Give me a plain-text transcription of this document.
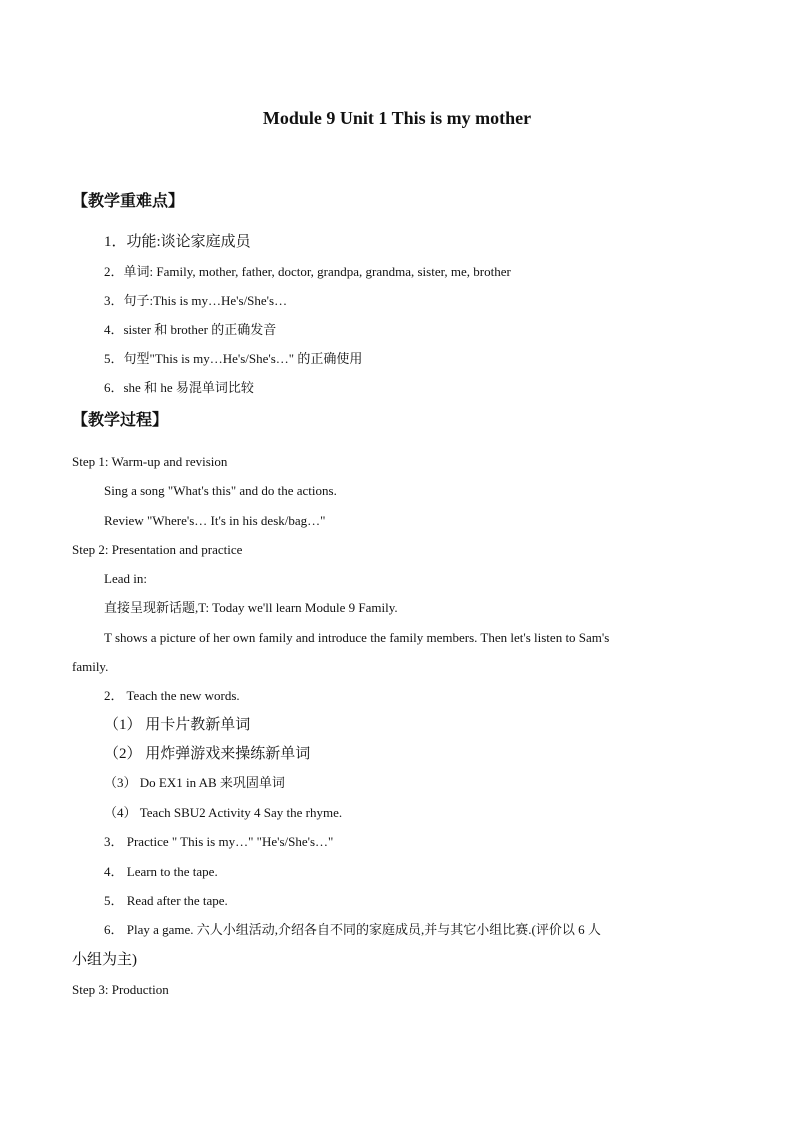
Module 9 Unit 1 This is my mother
【教学重难点】
1．功能:谈论家庭成员
2．单词: Family, mother, father, doctor, grandpa, grandma, sister, me, brother
3．句子:This is my…He's/She's…
4．sister 和 brother 的正确发音
5．句型"This is my…He's/She's…" 的正确使用
6．she 和 he 易混单词比较
【教学过程】
Step 1: Warm-up and revision
Sing a song "What's this" and do the actions.
Review "Where's… It's in his desk/bag…"
Step 2: Presentation and practice
Lead in:
直接呈现新话题,T: Today we'll learn Module 9 Family.
T shows a picture of her own family and introduce the family members. Then let's listen to Sam's
family.
2． Teach the new words.
（1） 用卡片教新单词
（2） 用炸弹游戏来操练新单词
（3） Do EX1 in AB 来巩固单词
（4） Teach SBU2 Activity 4 Say the rhyme.
3． Practice " This is my…" "He's/She's…"
4． Learn to the tape.
5． Read after the tape.
6． Play a game. 六人小组活动,介绍各自不同的家庭成员,并与其它小组比赛.(评价以 6 人
小组为主)
Step 3: Production
